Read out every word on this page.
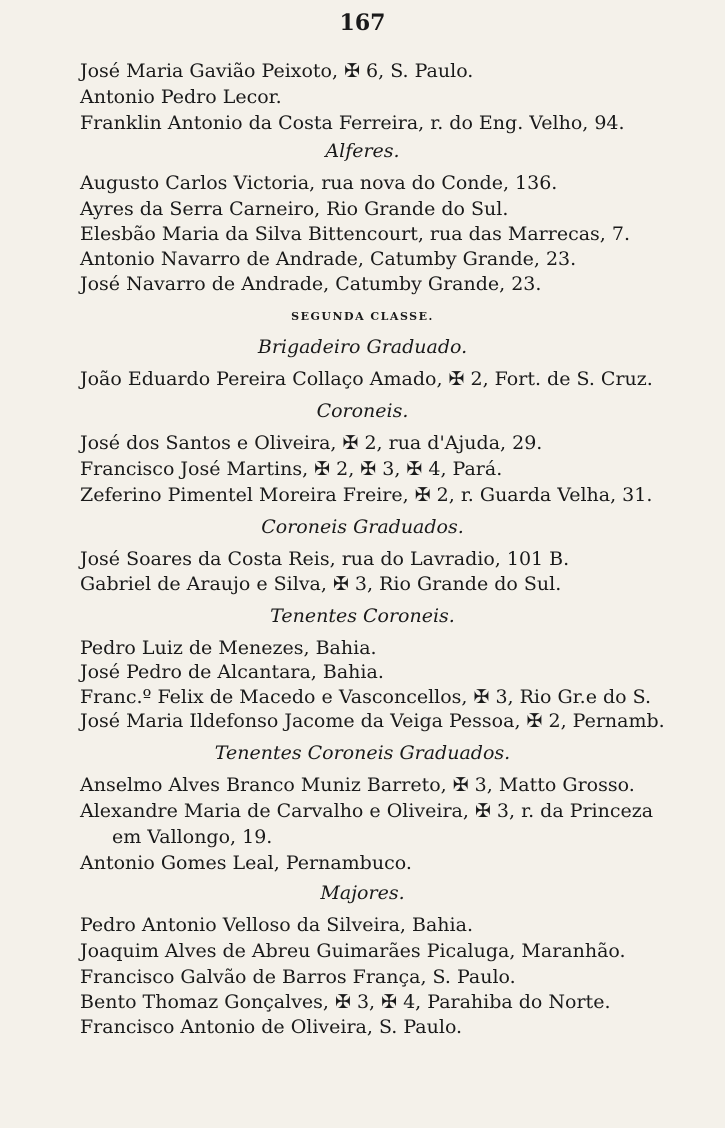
167
José Maria Gavião Peixoto, ✠ 6, S. Paulo.
Antonio Pedro Lecor.
Franklin Antonio da Costa Ferreira, r. do Eng. Velho, 94.
Alferes.
Augusto Carlos Victoria, rua nova do Conde, 136.
Ayres da Serra Carneiro, Rio Grande do Sul.
Elesbão Maria da Silva Bittencourt, rua das Marrecas, 7.
Antonio Navarro de Andrade, Catumby Grande, 23.
José Navarro de Andrade, Catumby Grande, 23.
SEGUNDA CLASSE.
Brigadeiro Graduado.
João Eduardo Pereira Collaço Amado, ✠ 2, Fort. de S. Cruz.
Coroneis.
José dos Santos e Oliveira, ✠ 2, rua d'Ajuda, 29.
Francisco José Martins, ✠ 2, ✠ 3, ✠ 4, Pará.
Zeferino Pimentel Moreira Freire, ✠ 2, r. Guarda Velha, 31.
Coroneis Graduados.
José Soares da Costa Reis, rua do Lavradio, 101 B.
Gabriel de Araujo e Silva, ✠ 3, Rio Grande do Sul.
Tenentes Coroneis.
Pedro Luiz de Menezes, Bahia.
José Pedro de Alcantara, Bahia.
Franc.º Felix de Macedo e Vasconcellos, ✠ 3, Rio Gr.e do S.
José Maria Ildefonso Jacome da Veiga Pessoa, ✠ 2, Pernamb.
Tenentes Coroneis Graduados.
Anselmo Alves Branco Muniz Barreto, ✠ 3, Matto Grosso.
Alexandre Maria de Carvalho e Oliveira, ✠ 3, r. da Princeza
em Vallongo, 19.
Antonio Gomes Leal, Pernambuco.
Majores.
Pedro Antonio Velloso da Silveira, Bahia.
Joaquim Alves de Abreu Guimarães Picaluga, Maranhão.
Francisco Galvão de Barros França, S. Paulo.
Bento Thomaz Gonçalves, ✠ 3, ✠ 4, Parahiba do Norte.
Francisco Antonio de Oliveira, S. Paulo.
